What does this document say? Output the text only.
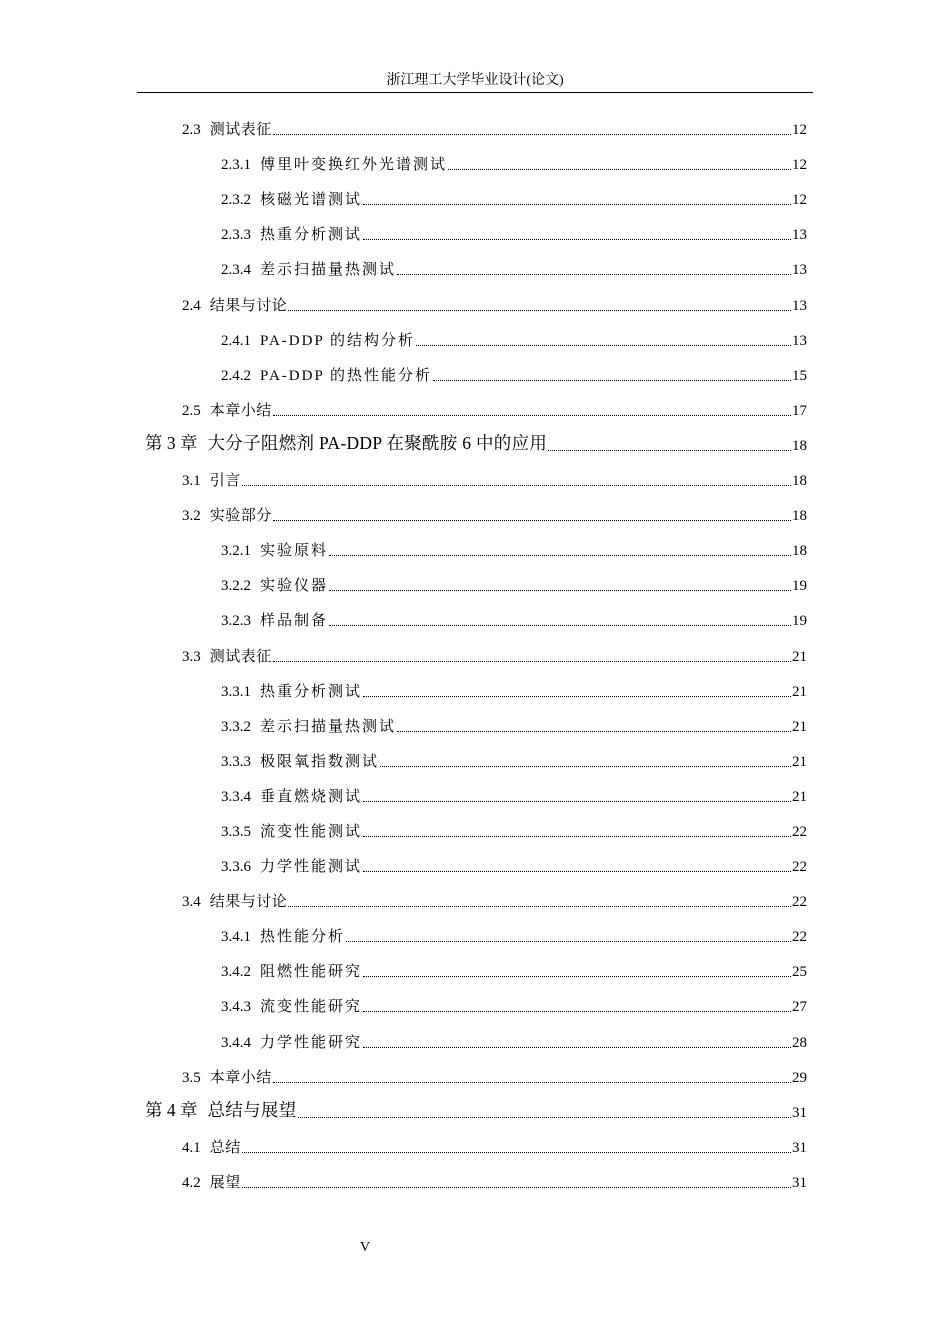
浙江理工大学毕业设计(论文)
2.3 测试表征	12
2.3.1 傅里叶变换红外光谱测试	12
2.3.2 核磁光谱测试	12
2.3.3 热重分析测试	13
2.3.4 差示扫描量热测试	13
2.4 结果与讨论	13
2.4.1 PA-DDP 的结构分析	13
2.4.2 PA-DDP 的热性能分析	15
2.5 本章小结	17
第 3 章 大分子阻燃剂 PA-DDP 在聚酰胺 6 中的应用	18
3.1 引言	18
3.2 实验部分	18
3.2.1 实验原料	18
3.2.2 实验仪器	19
3.2.3 样品制备	19
3.3 测试表征	21
3.3.1 热重分析测试	21
3.3.2 差示扫描量热测试	21
3.3.3 极限氧指数测试	21
3.3.4 垂直燃烧测试	21
3.3.5 流变性能测试	22
3.3.6 力学性能测试	22
3.4 结果与讨论	22
3.4.1 热性能分析	22
3.4.2 阻燃性能研究	25
3.4.3 流变性能研究	27
3.4.4 力学性能研究	28
3.5 本章小结	29
第 4 章 总结与展望	31
4.1 总结	31
4.2 展望	31
V
